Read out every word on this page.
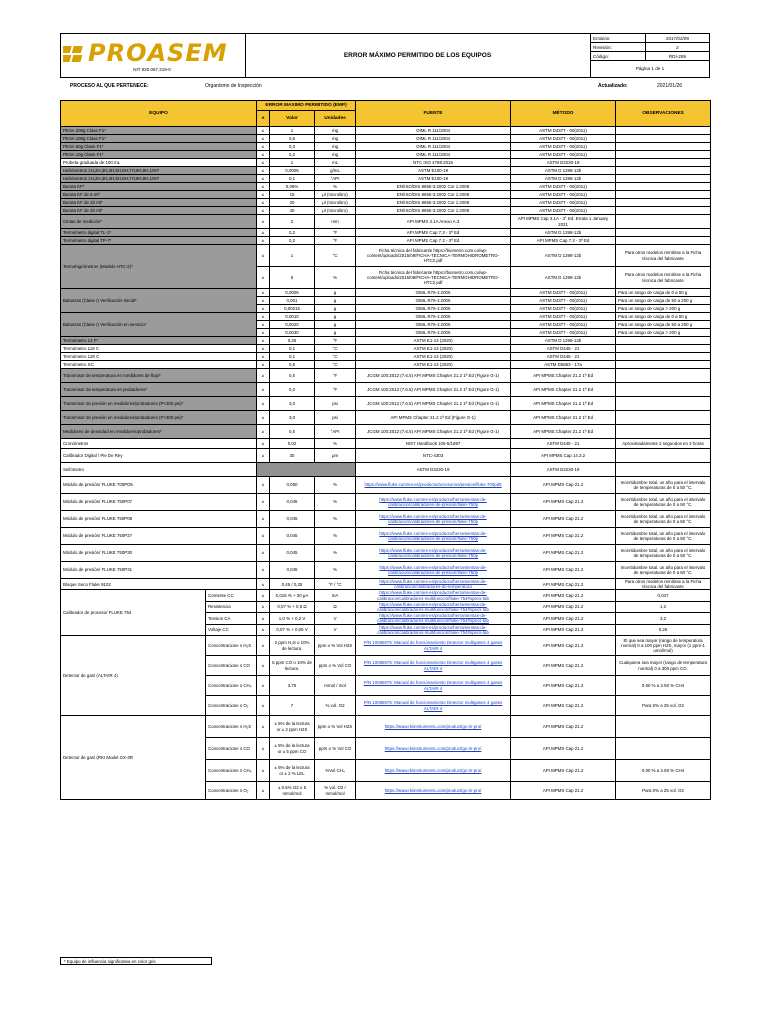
PROASEM
NIT 830.067.219-0
ERROR MÁXIMO PERMITIDO DE LOS EQUIPOS
Emisión:	2017/02/09
Revisión:	2
Código:	RDI-259
Página 1 de 1
PROCESO AL QUE PERTENECE:	Organismo de Inspección	Actualizado:	2021/01/26
EQUIPO		ERROR MAXIMO PERMITIDO (EMP)			FUENTE	MÉTODO	OBSERVACIONES
		±	Valor	Unidades			

PESA 200g Clase F1*		±	1	mg	OIML R 111/2004	ASTM D4377 - 00(2011)	
PESA 100g Clase F1*		±	0,5	mg	OIML R 111/2004	ASTM D4377 - 00(2011)	
PESA 50g Clase F1*		±	0,3	mg	OIML R 111/2004	ASTM D4377 - 00(2011)	
PESA 10g Clase F1*		±	0,2	mg	OIML R 111/2004	ASTM D4377 - 00(2011)	
Probeta graduada de 100 mL		±	1	mL	NTC ISO 4788:2016	ASTM D3230-19	
Hidrómetros 1H,2H,3H,4H,5H,6H,7H,8H,9H,10H*		±	0,0005	g/mL	ASTM E100-19	ASTM D 1298-12b	
Hidrómetros 1H,2H,3H,4H,5H,6H,7H,8H,9H,10H*		±	0,1	°API	ASTM E100-19	ASTM D 1298-12b	
Bureta KF*		±	0,08%	%	EN/ISO/DIS 8655-3:2002 Cor 1:2008	ASTM D4377 - 00(2011)	
Bureta KF de 5 ml*		±	15	μl (microlitro)	EN/ISO/DIS 8655-3:2002 Cor 1:2008	ASTM D4377 - 00(2011)	
Bureta KF de 10 ml*		±	20	μl (microlitro)	EN/ISO/DIS 8655-3:2002 Cor 1:2008	ASTM D4377 - 00(2011)	
Bureta KF de 20 ml*		±	40	μl (microlitro)	EN/ISO/DIS 8655-3:2002 Cor 1:2008	ASTM D4377 - 00(2011)	
Cintas de medición*		±	2	mm	API MPMS 3.1A Anexo A.3	API MPMS Cap 3.1A - 3° Ed. Errata 1 January 2021	
Termómetro digital TL-1*		±	0,2	°F	API MPMS Cap 7.3 - 3ª Ed	ASTM D 1298-12b	
Termómetro digital TP-7*		±	0,2	°F	API MPMS Cap 7.2 - 3ª Ed	API MPMS Cap 7.2 - 3ª Ed	
Termohigrómetros (Modelo HTC-2)*		±	1	°C	Ficha técnica del fabricante https://biometro.com.co/wp-content/uploads/2015/08/FICHA-TECNICA-TERMOHIDROMETRO-HTC2.pdf	ASTM D 1298-12b	Para otros modelos remitirse a la Ficha técnica del fabricante
		±	5	%	Ficha técnica del fabricante https://biometro.com.co/wp-content/uploads/2015/08/FICHA-TECNICA-TERMOHIDROMETRO-HTC2.pdf	ASTM D 1298-12b	Para otros modelos remitirse a la Ficha técnica del fabricante
Balanzas (Clase I) Verificación Inicial*		±	0,0005	g	OIML R76-1:2006	ASTM D4377 - 00(2011)	Para un rango de carga de 0 a 50 g
		±	0,001	g	OIML R76-1:2006	ASTM D4377 - 00(2011)	Para un rango de carga de 50 a 200 g
		±	0,00015	g	OIML R76-1:2006	ASTM D4377 - 00(2011)	Para un rango de carga > 200 g
Balanzas (Clase I) Verificación en servicio*		±	0,0010	g	OIML R76-1:2006	ASTM D4377 - 00(2011)	Para un rango de carga de 0 a 50 g
		±	0,0020	g	OIML R76-1:2006	ASTM D4377 - 00(2011)	Para un rango de carga de 50 a 200 g
		±	0,0030	g	OIML R76-1:2006	ASTM D4377 - 00(2011)	Para un rango de carga > 200 g
Termómetro 12 F*		±	0,25	°F	ASTM E1-14 (2020)	ASTM D 1298-12b	
Termómetro 118 C		±	0,1	°C	ASTM E1-14 (2020)	ASTM D445 - 21	
Termómetro 120 C		±	0,1	°C	ASTM E1-14 (2020)	ASTM D445 - 21	
Termómetro SC		±	0,5	°C	ASTM E1-14 (2020)	ASTM D5853 - 17a	
Transmisor de temperatura en medidores de flujo*		±	0,5	°F	JCGM 100:2012 (7.6.5) API MPMS Chapter 21.2 1ª Ed (Figure G-1)	API MPMS Chapter 21.2 1ª Ed	
Transmisor de temperatura en probadores*		±	0,2	°F	JCGM 100:2012 (7.6.5) API MPMS Chapter 21.2 1ª Ed (Figure G-1)	API MPMS Chapter 21.2 1ª Ed	
Transmisor de presión en medidores/probadores (P<300 psi)*		±	3,0	psi	JCGM 100:2012 (7.6.5) API MPMS Chapter 21.2 1ª Ed (Figure G-1)	API MPMS Chapter 21.2 1ª Ed	
Transmisor de presión en medidores/probadores (P>300 psi)*		±	3,0	psi	API MPMS Chapter 21.2 1ª Ed (Figure G-1)	API MPMS Chapter 21.2 1ª Ed	
Medidores de densidad en medidores/probadores*		±	0,5	°API	JCGM 100:2012 (7.6.5) API MPMS Chapter 21.2 1ª Ed (Figure G-1)	API MPMS Chapter 21.2 1ª Ed	
Cronómetros		±	0,02	%	NIST Handbook 105-5/1997	ASTM D445 - 21	Aproximadamente 2 segundos en 3 horas
Calibrador Digital / Pie De Rey		±	30	μm	NTC-4303	API MPMS Cap 14.3.2	
Sellómetro					ASTM D3230-19	ASTM D3230-19	
Módulo de presión/ FLUKE 700PD5		±	0,050	%	https://www.fluke.com/es-es/producto/accesorios/presion/fluke-700pd5	API MPMS Cap 21.2	Incertidumbre total, un año para el intervalo de temperaturas de 0 a 50 °C.
Módulo de presión/ FLUKE 750P07		±	0,045	%	https://www.fluke.com/es-es/producto/herramientas-de-calibracion/calibradores-de-presion/fluke-750p	API MPMS Cap 21.2	Incertidumbre total, un año para el intervalo de temperaturas de 0 a 50 °C.
Módulo de presión/ FLUKE 750P08		±	0,045	%	https://www.fluke.com/es-es/producto/herramientas-de-calibracion/calibradores-de-presion/fluke-750p	API MPMS Cap 21.2	Incertidumbre total, un año para el intervalo de temperaturas de 0 a 50 °C.
Módulo de presión/ FLUKE 750P27		±	0,045	%	https://www.fluke.com/es-es/producto/herramientas-de-calibracion/calibradores-de-presion/fluke-750p	API MPMS Cap 21.2	Incertidumbre total, un año para el intervalo de temperaturas de 0 a 50 °C.
Módulo de presión/ FLUKE 750P30		±	0,045	%	https://www.fluke.com/es-es/producto/herramientas-de-calibracion/calibradores-de-presion/fluke-750p	API MPMS Cap 21.2	Incertidumbre total, un año para el intervalo de temperaturas de 0 a 50 °C.
Módulo de presión/ FLUKE 750P31		±	0,045	%	https://www.fluke.com/es-es/producto/herramientas-de-calibracion/calibradores-de-presion/fluke-750p	API MPMS Cap 21.2	Incertidumbre total, un año para el intervalo de temperaturas de 0 a 50 °C.
Bloque Seco Fluke 9102		±	0,45 / 0,25	°F / °C	https://www.fluke.com/es-es/producto/herramientas-de-calibracion/calibradores-de-temperatura	API MPMS Cap 21.2	Para otros modelos remitirse a la Ficha técnica del fabricante
Calibrador de proceso/ FLUKE 754	Corriente CC	±	0,015 % + 30 μA	mA	https://www.fluke.com/es-es/producto/herramientas-de-calibracion/calibradores-multifuncion/fluke-754#specs-tab	API MPMS Cap 21.2	0,047
	Resistencia	±	0,07 % + 0,5 Ω	Ω	https://www.fluke.com/es-es/producto/herramientas-de-calibracion/calibradores-multifuncion/fluke-754#specs-tab	API MPMS Cap 21.2	1,2
	Tension CA	±	1,0 % + 0,2 V	V	https://www.fluke.com/es-es/producto/herramientas-de-calibracion/calibradores-multifuncion/fluke-754#specs-tab	API MPMS Cap 21.2	3,2
	Voltaje CC	±	0,07 % + 0,05 V	V	https://www.fluke.com/es-es/producto/herramientas-de-calibracion/calibradores-multifuncion/fluke-754#specs-tab	API MPMS Cap 21.2	0,26
Detector de gas/ (ALTAIR 4)	Concentracione s H₂S	±	2 ppm H₂S o 10% de lectura.	ppm o % Vol H2S	P/N 10086675: Manual de funcionamiento Detector multigases 4 gases ALTAIR 4	API MPMS Cap 21.2	El que sea mayor (rango de temperatura normal) 0 a 100 ppm H2S, mayor (1 ppm-1 umol/mol)
	Concentracione s CO	±	5 ppm CO o 10% de lectura.	ppm o % Vol CO	P/N 10086675: Manual de funcionamiento Detector multigases 4 gases ALTAIR 4	API MPMS Cap 21.2	Cualquiera sea mayor (rango de temperatura normal) 0 a 300 ppm CO.
	Concentracione s CH₄	±	3.75	mmol / mol	P/N 10086675: Manual de funcionamiento Detector multigases 4 gases ALTAIR 4	API MPMS Cap 21.2	0.00 % a 2.50 % CH4
	Concentracione s O₂	±	7	% vol. O2	P/N 10086675: Manual de funcionamiento Detector multigases 4 gases ALTAIR 4	API MPMS Cap 21.2	Para 0% a 25 vol. O2
Detector de gas/ (RKI Model GX-3R	Concentracione s H₂S	±	± 5% de la lectura or ± 2 ppm H2S	ppm o % Vol H2S	https://www.rkiinstruments.com/product/gx-3r-pro/	API MPMS Cap 21.2	
	Concentracione s CO	±	± 5% de la lectura or ± 5 ppm CO	ppm o % Vol CO	https://www.rkiinstruments.com/product/gx-3r-pro/	API MPMS Cap 21.2	
	Concentracione s CH₄	±	± 5% de la lectura or ± 2 % LEL	%Vol CH₄	https://www.rkiinstruments.com/product/gx-3r-pro/	API MPMS Cap 21.2	0.00 % a 2.50 % CH4
	Concentracione s O₂	±	± 0.5% O2 o 5 mmol/mol	% vol. O2 / mmol/mol	https://www.rkiinstruments.com/product/gx-3r-pro/	API MPMS Cap 21.2	Para 0% a 25 vol. O2
* Equipo de influencia significativa en color gris
